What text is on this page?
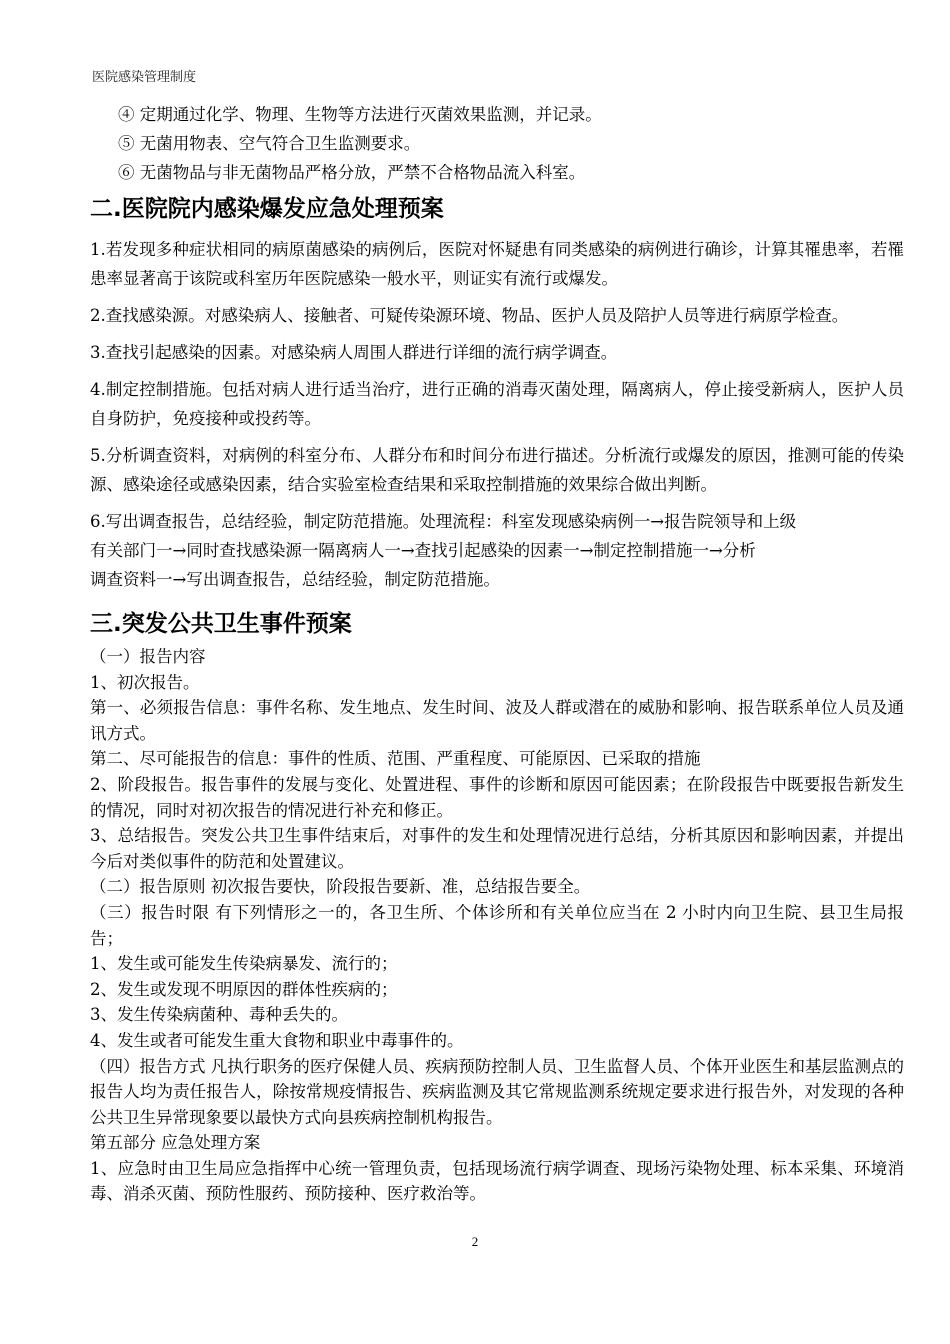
医院感染管理制度
④ 定期通过化学、物理、生物等方法进行灭菌效果监测，并记录。
⑤ 无菌用物表、空气符合卫生监测要求。
⑥ 无菌物品与非无菌物品严格分放，严禁不合格物品流入科室。
二.医院院内感染爆发应急处理预案

1.若发现多种症状相同的病原菌感染的病例后，医院对怀疑患有同类感染的病例进行确诊，计算其罹患率，若罹患率显著高于该院或科室历年医院感染一般水平，则证实有流行或爆发。

2.查找感染源。对感染病人、接触者、可疑传染源环境、物品、医护人员及陪护人员等进行病原学检查。

3.查找引起感染的因素。对感染病人周围人群进行详细的流行病学调查。

4.制定控制措施。包括对病人进行适当治疗，进行正确的消毒灭菌处理，隔离病人，停止接受新病人，医护人员自身防护，免疫接种或投药等。

5.分析调查资料，对病例的科室分布、人群分布和时间分布进行描述。分析流行或爆发的原因，推测可能的传染源、感染途径或感染因素，结合实验室检查结果和采取控制措施的效果综合做出判断。

6.写出调查报告，总结经验，制定防范措施。处理流程：科室发现感染病例一→报告院领导和上级
有关部门一→同时查找感染源一隔离病人一→查找引起感染的因素一→制定控制措施一→分析
调查资料一→写出调查报告，总结经验，制定防范措施。

三.突发公共卫生事件预案

（一）报告内容

1、初次报告。

第一、必须报告信息：事件名称、发生地点、发生时间、波及人群或潜在的威胁和影响、报告联系单位人员及通讯方式。

第二、尽可能报告的信息：事件的性质、范围、严重程度、可能原因、已采取的措施

2、阶段报告。报告事件的发展与变化、处置进程、事件的诊断和原因可能因素；在阶段报告中既要报告新发生的情况，同时对初次报告的情况进行补充和修正。

3、总结报告。突发公共卫生事件结束后，对事件的发生和处理情况进行总结，分析其原因和影响因素，并提出今后对类似事件的防范和处置建议。

（二）报告原则 初次报告要快，阶段报告要新、准，总结报告要全。

（三）报告时限 有下列情形之一的，各卫生所、个体诊所和有关单位应当在 2 小时内向卫生院、县卫生局报告；

1、发生或可能发生传染病暴发、流行的；

2、发生或发现不明原因的群体性疾病的；

3、发生传染病菌种、毒种丢失的。

4、发生或者可能发生重大食物和职业中毒事件的。

（四）报告方式 凡执行职务的医疗保健人员、疾病预防控制人员、卫生监督人员、个体开业医生和基层监测点的报告人均为责任报告人，除按常规疫情报告、疾病监测及其它常规监测系统规定要求进行报告外，对发现的各种公共卫生异常现象要以最快方式向县疾病控制机构报告。

第五部分 应急处理方案

1、应急时由卫生局应急指挥中心统一管理负责，包括现场流行病学调查、现场污染物处理、标本采集、环境消毒、消杀灭菌、预防性服药、预防接种、医疗救治等。

2
